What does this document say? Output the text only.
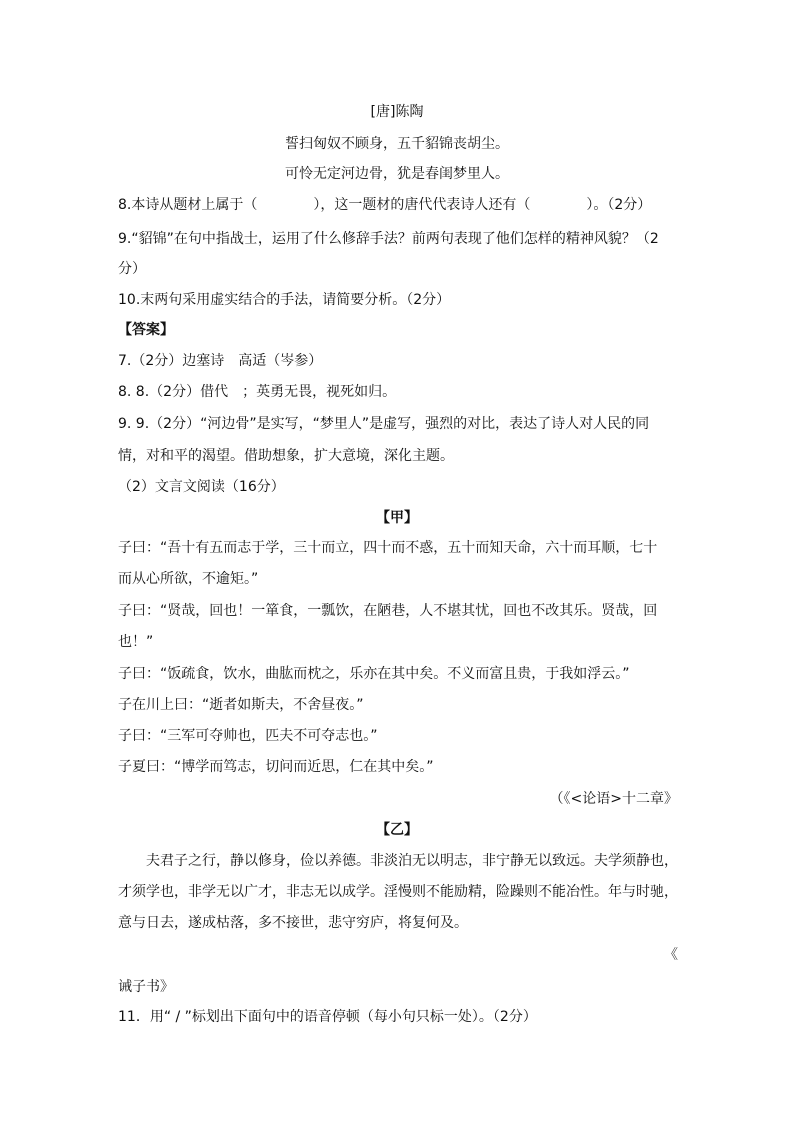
[唐]陈陶
誓扫匈奴不顾身，五千貂锦丧胡尘。
可怜无定河边骨，犹是春闺梦里人。
8.本诗从题材上属于（　　　　），这一题材的唐代代表诗人还有（　　　　）。（2分）
9.“貂锦”在句中指战士，运用了什么修辞手法？前两句表现了他们怎样的精神风貌？（2
分）
10.末两句采用虚实结合的手法，请简要分析。（2分）
【答案】
7.（2分）边塞诗 高适（岑参）
8. 8.（2分）借代　；英勇无畏，视死如归。
9. 9.（2分）“河边骨”是实写，“梦里人”是虚写，强烈的对比，表达了诗人对人民的同
情，对和平的渴望。借助想象，扩大意境，深化主题。
（2）文言文阅读（16分）
【甲】
子曰：“吾十有五而志于学，三十而立，四十而不惑，五十而知天命，六十而耳顺，七十
而从心所欲，不逾矩。”
子曰：“贤哉，回也！一箪食，一瓢饮，在陋巷，人不堪其忧，回也不改其乐。贤哉，回
也！”
子曰：“饭疏食，饮水，曲肱而枕之，乐亦在其中矣。不义而富且贵，于我如浮云。”
子在川上曰：“逝者如斯夫，不舍昼夜。”
子曰：“三军可夺帅也，匹夫不可夺志也。”
子夏曰：“博学而笃志，切问而近思，仁在其中矣。”
（《<论语>十二章》
【乙】
夫君子之行，静以修身，俭以养德。非淡泊无以明志，非宁静无以致远。夫学须静也，
才须学也，非学无以广才，非志无以成学。淫慢则不能励精，险躁则不能冶性。年与时驰，
意与日去，遂成枯落，多不接世，悲守穷庐，将复何及。
《
诫子书》
11．用“ / ”标划出下面句中的语音停顿（每小句只标一处）。（2分）
